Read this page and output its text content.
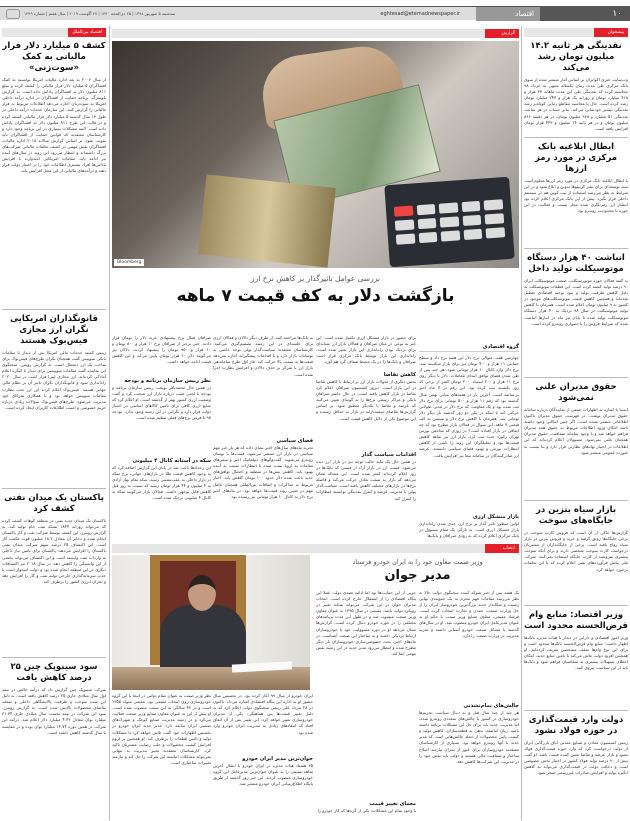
۱۰
اقتصاد
eghtesad@etemadnewspaper.ir
سه‌شنبه ۵ شهریور ۱۳۹۸ | ۲۵ ذی‌الحجه ۱۴۴۰ | ۲۷ آگوست ۲۰۱۹ | سال هفتم | شماره ۱۴۴۹
اقتصاد بین‌الملل
کشف ۵ میلیارد دلار فرار مالیاتی به کمک «سوت‌زنی»
از سال ۲۰۰۶ به بعد اداره مالیات امریکا توانسته به کمک افشاگران ۵ میلیارد دلار فرار مالیاتی را کشف کرده و مبلغ ۸۱۱ میلیون دلار به افشاگران پاداش داده است. به گزارش بلومبرگ، برنامه حمایت از افشاگران در اداره درآمد داخلی امریکا به سوت‌زنان اجازه می‌دهد اطلاعات مربوط به فرار مالیاتی را گزارش کنند. این سازمان خدمات درآمد داخلی در طول ۱۳ سال گذشته ۵ میلیارد دلار فرار مالیاتی کشف کرده و در قالب این طرح ۸۱۱ میلیون دلار به افشاگران پاداش داده است. البته مشکلات بسیاری در این برنامه وجود دارد و کارشناسان معتقدند که قوانین حمایت از افشاگران باید تقویت شود. بر اساس گزارش سالانه ۲۰۱۸ اداره مالیات، افشاگران نقش مهمی در کشف تخلفات مالیاتی شرکت‌های بزرگ داشته‌اند و انتظار می‌رود این روند در سال‌های آینده نیز ادامه یابد. مقامات امریکایی امیدوارند با افزایش پاداش‌ها افراد بیشتری اطلاعات خود را در اختیار دولت قرار دهند و درآمدهای مالیاتی از این محل افزایش یابد.
قانونگذاران امریکایی نگران ارز مجازی فیس‌بوک هستند
رییس کمیته خدمات مالی امریکا پس از دیدار با مقامات بانکی سوییس گفت همچنان نگران طرح‌های فیس‌بوک برای ساخت یک ارز دیجیتال است. به گزارش رویترز، سخنگوی این نماینده گفت مقامات سوییسی برای دیدار با کنگره اعلام آمادگی کرده‌اند. ارز مجازی لیبرا قرار است در سال ۲۰۲۰ راه‌اندازی شود و قانونگذاران نگران تاثیر آن بر نظام مالی جهانی هستند. فیس‌بوک اعلام کرده این ارز تحت نظارت مقامات سوییس خواهد بود و با همکاری شرکای خود مدیریت می‌شود. طرح‌های فیس‌بوک سوالات زیادی درباره حریم خصوصی و امنیت اطلاعات کاربران ایجاد کرده است.
پاکستان یک میدان نفتی کشف کرد
پاکستان یک میدان جدید نفتی در منطقه کوهات کشف کرده که می‌تواند روزانه ۱۸۴۴ بشکه نفت خام تولید کند. به گزارش رویترز، این کشف توسط شرکت نفت و گاز پاکستان انجام شده و ذخایر آن معادل ۱۸.۲ میلیون فوت مکعب گاز است. این اکتشاف ۲۵ درصد سهم شرکت میدان نفتی پاکستان را افزایش می‌دهد. پاکستان برای تامین نیاز داخلی به واردات نفت وابسته است و این اکتشاف می‌تواند بخشی از این وابستگی را کاهش دهد. در سال ۲۰۱۸ نیز اکتشافات دیگری در این منطقه انجام شده بود و دولت امیدوار است با جذب سرمایه‌گذاری خارجی تولید نفت و گاز را افزایش دهد و بحران انرژی کشور را برطرف کند.
سود سینوپک چین ۲۵ درصد کاهش یافت
شرکت سینوپک چین گزارش داد که درآمد خالص در نیمه اول سال میلادی جاری ۲۵ درصد کاهش یافته است. به دلیل این شده سوخت و ظرفیت پالایشگاهی داخلی و ضعف تقاضای محصولات پالایش شده است. به گزارش رویترز، سود این شرکت در نیمه نخست سال میلادی جاری ۳۱.۳۴ میلیارد یوان معادل ۴.۴۲ میلیارد دلار اعلام شد. درآمد این شرکت در همین دوره ۱۴.۷۴ میلیارد یوان بوده و در مقایسه با سال گذشته کاهش داشته است.
پیشخوان
نقدینگی هر ثانیه ۱۴.۲ میلیون تومان رشد می‌کند
وب‌سایت خبری اکوایران بر اساس آمار منتشر شده از سوی بانک مرکزی طی مدت زمان یکساله منتهی به خرداد ۹۸ محاسبه کرده که نقدینگی طی این مدت ماهانه ۳۷ هزار و ۴۱۸ میلیارد تومان و روزانه یک هزار و ۲۴۷ میلیارد تومان رشد کرده است. حال با محاسبه مقاطع زمانی کوتاه‌تر رشد نقدینگی بیشتر خودنمایی می‌کند. بنابر حساب در هر ساعت نقدینگی ۵۱ میلیارد و ۹۶۸ میلیون تومان، در هر دقیقه ۸۶۶ میلیون تومان و در هر ثانیه ۱۴ میلیون و ۴۴۳ هزار تومان افزایش یافته است.
ابطال ابلاغیه بانک مرکزی در مورد رمز ارزها
با ابطال ابلاغیه بانک مرکزی در مورد رمز ارزها معلوم است سند توسعه‌ای برای نشر کریپتوها تدوین و ابلاغ شود و در این شرایط به نظر می‌رسد استفاده از بیت کوین هم در سیستم داخلی قرار بگیرد. پیش از این بانک مرکزی اعلام کرده بود انتشار ارز رمزنگاری شده مجاز نیست و فعالیت در این حوزه با محدودیت روبه‌رو بود.
انباشت ۴۰ هزار دستگاه موتوسیکلت تولید داخل
به گفته فعالان حوزه موتورسیکلت، صنعت موتوسیکلت ایران ۹۰ درصد تولید کشته کرده است. این قطعات موتوسیکلت به دلیل کاهش ظرفیت تولید و نبود توجیه اقتصادی تعطیل شده‌اند و همچنین کاهش قیمت موتوسیکلت‌های موجود در کشور به ۹ میلیون تومان اعلام شده است. همزمان با کاهش تولید موتوسیکلت در سال ۹۸ نزدیک به ۴۰ هزار دستگاه موتوسیکلت تولید شده تا پایان تیر ماه در انبارها انباشت شده که شرایط فروش را با دشواری روبه‌رو کرده است.
حقوق مدیران علنی نمی‌شود
ایسنا با اشاره به اظهارات جمعی از نمایندگان درباره سامانه حقوق مدیران نوشت: در فهرست حقوق مدیران تاکنون اطلاعاتی منتشر نشده است. اگر چنین امکانی وجود داشته باشد امکان ورود اطلاعات مربوط به حقوق همه مدیران فراهم خواهد شد و با وجود سامانه شفافیت، حقوق مدیران همچنان علنی نمی‌شود. مسوولان اعلام کرده‌اند که این اطلاعات در اختیار نهادهای نظارتی قرار دارد و بنا نیست به صورت عمومی منتشر شود.
بازار سیاه بنزین در جایگاه‌های سوخت
گزارش‌ها حاکی از آن است که فروش کارت سوخت در برخی جایگاه‌ها رونق گرفته و خرید و فروش بنزین در بازار سیاه رواج یافته است. برخی از جایگاه‌داران از مشتریان درخواست کارت سوخت شخصی دارند و برای آنکه سوخت بیشتری بفروشند از کارت جایگاه استفاده نمی‌کنند. شرکت ملی پخش فرآورده‌های نفتی اعلام کرده که با این تخلفات برخورد خواهد کرد.
وزیر اقتصاد: منابع وام قرض‌الحسنه محدود است
وزیر امور اقتصادی و دارایی در دیدار با هیات مدیره بانک‌ها اظهار داشت: منابع وام قرض‌الحسنه بانک‌ها محدود است و برای این نوع وام‌ها سقف مشخصی تعریف کرده‌ایم. او همچنین افزود دولت تلاش می‌کند با تامین منابع جدید، امکان اعطای تسهیلات بیشتری به متقاضیان فراهم شود و بانک‌ها باید از این سیاست پیروی کنند.
دولت وارد قیمت‌گذاری در حوزه فولاد نشود
رییس کمیسیون معادن و صنایع معدنی اتاق بازرگانی ایران از دولت درخواست کرد که وارد حوزه قیمت‌گذاری فولاد نشود و بازار عرضه و تقاضا تعیین کننده قیمت باشد. او گفت بیش از ۹۰ درصد تولید فولاد کشور در اختیار بخش خصوصی است و دخالت دولت در قیمت‌گذاری می‌تواند به کاهش انگیزه تولید و افزایش صادرات غیررسمی منجر شود.
گزارش
Bloomberg
بررسی عوامل تاثیرگذار بر کاهش نرخ ارز
بازگشت دلار به کف قیمت ۷ ماهه
گروه اقتصادی
چهارمین هفت متوالی نرخ دلار این هفته نرخ داد و سطح حمایتی ۱۱ هزار و ۴۰۰ تومان نیز برای بازار شکسته شد. نرخ دلار وارد کانال ۱۰ هزار تومانی شود. هر چند پس از طی شدن فضای توافق ابتدای معاملات، دلار با دیگر روی نرخ ۱۱ هزار و ۲۰۰ ایستاد. ۳۰۰ تومان کمتر از نرخی که روز یکشنبه ثبت کرده بود. این رقم در ۷ ماه اخیر بی‌سابقه است. آخرین بار در هفته‌های میانی بهمن سال گذشته بود که رقم ۱۱ هزار و ۵۰۰ تومانی برای نرخ دلار ثبت شده بود و یک مقاومت که نرخ دلار در مدتی طولانی حرکتی کند تا اینکه در یکی دو روز گذشته بار دیگر دلار تومانی شد. همزمان با کاهش نرخ دلار و سیمین به کف قیمتی ۷ ماهه، این سوال در فعالان بازار مطرح بود که چه اتفاقی در بازار افتاده است؟ در روزی که شاخص بورس تهران رکورد جدید ثبت کرد، بازار ارز نیز شاهد کاهش قیمت‌ها بود و تحلیلگران این روند را ناشی از کاهش انتظارات تورمی و بهبود فضای سیاسی دانستند. عرضه ارز صادرکنندگان در سامانه نیما نیز افزایش یافت.
بازار متشکل ارزی
اولین منظور تاثیر گذار بر نرخ ارز، جدی شدن راه‌اندازی بازار متشکل ارزی است. به تازگی یک مقام مسوول در بانک مرکزی اعلام کرده که به زودی صرافان و بانک‌ها
برای حضور در بازار متشکل ارزی تکمیل شده است. این خبر به نوعی در میان صرافان و فعالان بازار ارز نشانه‌ای برای نزدیک بودن راه‌اندازی این بازار تعبیر شده است. راه‌اندازی این بازار توسط بانک مرکزی قرار است صرافان و بانک‌ها را در یک محیط شفاف گرد هم آورد.
کاهش تقاضا
بخش دیگری از تحولات بازار ارز بر ارتباط با کاهش تقاضا در این بازار است. دیروز کمیسیون صرافان اعلام کرد تقاضا در بازار کاهش یافته است. در حال حاضر صرافان بانکی و مراکز رسمی نرخ‌ها را به گونه‌ای تعیین می‌کنند که عرضه و تقاضا با یکدیگر منطبق شود. بر اساس گزارش‌ها تقاضای سفته‌بازانه در بازار به حداقل رسیده و این موضوع یکی از دلایل کاهش قیمت است.
اقدامات سیاست گذار
در همین حال یک نکته جالب توجه نیز در بازار ارز دیده می‌شود. قیمت ارز در بازار آزاد از قیمتی که بانک‌ها در روز اعلام کرده‌اند کمتر شده است. این مساله نشان می‌دهد که بازار به سمت تعادل حرکت می‌کند و فاصله نرخ‌ها در بازارهای مختلف کاهش یافته است. سیاست‌گذار پولی با مدیریت عرضه و کنترل نقدینگی توانسته انتظارات را کنترل کند.
به بانک‌ها مراجعه کنند. از طرف دیگر دلالان و فعالان ارزی برای جلسه‌ای در این زمینه تصمیم‌گیری می‌کنند. کارشناسان معتقدند سیاست‌گذار پولی توجه خاصی به نوسانات بازار دارد و با اقدامات پیشگیرانه اجازه نمی‌دهد قیمت‌ها به سمت بالا حرکت کند. فاز اول طرح ساماندهی بازار ارز با تمرکز بر حذف دلالان و افزایش نظارت اجرا شده است.
فضای سیاسی
تجربه ماه‌های سال‌های اخیر نشان داده که هر بار خبر مهم سیاسی در بازار ارز منتشر می‌شود، قیمت‌ها با نوسان روبه‌رو می‌شوند. گفت‌وگوهای دیپلماتیک اخیر و سفرهای مقامات به اروپا سبب شده تا انتظارات نسبت به آینده بهبود یابد. کاهش تنش‌ها در منطقه و احتمال توافق‌های جدید باعث شده دلار حدود ۱۰۰ تومان کاهش یابد. اخبار مربوط به مذاکرات و اتفاقات بین‌المللی همچنان عامل مهم در تعیین روند قیمت‌ها خواهد بود. در ماه‌های اخیر نرخ دلار به کانال ۱۰ هزار تومانی نیز رسیده بود.
صرافان فعال نرخ پیشنهادی خرید دلار را تومان قرار دادند. حتی برخی از صرافان نرخ ۱۰ هزار و ۸۰۰ تومان و ۱۰ هزار و ۹۵۰ تومان را پیشنهاد کردند. دلالان نیز می‌گویند دلار ۱۰ هزار تومان پایین می‌آید و این کاهش قیمت ادامه خواهد داشت.
نظر رییس سازمان برنامه و بودجه
در همین حال محمدباقر نوبخت رییس سازمان برنامه و بودجه با لحنی مثبت درباره بازار ارز صحبت کرد و گفت وضعیت ارزی کشور بهتر از گذشته است. او اعلام کرد که منابع ارزی کافی برای تامین کالاهای اساسی در اختیار دولت قرار دارد و نگرانی در این زمینه وجود ندارد. بودجه ۹۸ با فرض نرخ‌های فعلی تنظیم شده است.
سکه در آستانه کانال ۴ میلیونی
این رخدادها باعث شد در پایان این گزارش اضافه کرد که به وجود کاهش قیمت طلا در بازارهای جهانی، نرخ سکه در بازار داخلی به عقب‌نشینی رسید. سکه تمام بهار آزادی به ۴ میلیون و ۴۴ هزار تومان رسید که نسبت به روز قبل کاهش قابل توجهی داشت. فعالان بازار می‌گویند سکه به کانال ۴ میلیونی نزدیک شده است.
انتخاب
وزیر صمت معاون خود را به ایران خودرو فرستاد
مدیر جوان
یک هفته پس از خبر شوکه کننده سخنگوی دولت حالا به نظر می‌رسد مقامات فهم مجرم به یک جمع‌بندی نهایی رسیده و سکاندار جدید بزرگ‌ترین خودروساز ایران را از حل وزارت صنعت، معدن و تجارت انتخاب کرده است. فرشاد مقیمی، معاون صنایع وزیر صمت با حکم او به عنوان مدیرعامل ایران خودرو منصوب شد. او در سال‌های گذشته با مسائل صنعت خودرو آشنایی داشته و تجربه مدیریت در وزارت صنعت را دارد.
چالش‌های تمام‌نشدنی
هر چند از چند سال قبل و به دنبال سیاست تحریم‌ها خودروسازی در کشور با چالش‌های متعددی روبه‌رو شده، اما مدیریت جدید باید برای حل این مشکلات برنامه داشته باشد. زیان انباشته، بدهی به قطعه‌سازان، کاهش تولید و کیفیت پایین محصولات از جمله چالش‌هایی است که مدیر جدید با آنها روبه‌رو خواهد بود. بسیاری از کارشناسان معتقدند خودروسازان برای عبور از بحران نیازمند اصلاح ساختار و شفافیت مالی هستند و دولت باید نقش خود را در مدیریت این شرکت‌ها کاهش دهد.
جزیی از این حمایت‌ها بود اما ادامه تصدی دولت عملا این بنگاه اقتصادی را از استقلال خارج کرده است. انتخاب مدیران جوان در این شرکت می‌تواند نشانه تغییر در رویکرد دولت باشد. مقیمی در سال ۱۳۹۵ به عنوان معاون وزیر صنعت منصوب شد و در طول این مدت برنامه‌های مختلفی را در حوزه خودرو دنبال کرده است. گزارش‌ها نشان می‌دهد او در دوره مسوولیت خود با خودروسازان ارتباط نزدیکی داشته و به ساختار این صنعت آشناست. در ماه‌های اخیر، بحث خصوصی‌سازی خودروسازان بار دیگر مطرح شده و انتظار می‌رود مدیر جدید در این زمینه نقش مهمی ایفا کند.
معمای تغییر قیمت
با وجود تمام این مشکلات، یکی از گره‌ها که کار خودرو را
ایران خودرو از سال ۹۹ آغاز کرده بود. در نخستین سال حضور او به اداره این بنگاه اقتصادی اشاره می‌داد. تاکنون در ۲۸ مرداد علی ربیعی سخنگوی دولت اعلام کرد که به دلیل تغییر قیمت‌ها بین هماهنگی، یکی از مدیران خودروسازی تغییر خواهد کرد. این تغییر پس از آن اتفاق افتاد که انتقادهای زیادی به مدیریت ایران خودرو وارد شده بود.
جوان‌ترین مدیر ایران خودرو
۳۵ هشتاد هیات مدیره در ایران خودرو با انتقال آخرین شاهد مقیمی را به عنوان جوان‌ترین مدیرعامل این گروه خودروسازی منصوب کردند. این خبر روز گذشته از طریق پایگاه اطلاع‌رسانی ایران خودرو منتشر شد.
نظر وزیر صمت به عنوان مقام دولتی در اینجا با این گروه خودروسازی روی انتخاب مقیمی بود. مقیمی متولد ۱۳۵۵ است و در ۴۳ سالگی به این سمت منصوب شده است. او پیش از این به عنوان معاون صنایع وزیر صنعت فعالیت می‌کرد و در زمینه مدیریت صنایع کوچک و شهرک‌های صنعتی ایران سابقه دارد. مدیر جدید ایران خودرو در نخستین اظهارات خود گفت تلاش خواهد کرد تا مشکلات تولید و تامین قطعات را برطرف کند. او همچنین بر لزوم افزایش کیفیت محصولات و جلب رضایت مشتریان تاکید کرد. کارشناسان معتقدند تغییر مدیریت به تنهایی نمی‌تواند مشکلات انباشته این شرکت را حل کند و نیازمند تغییرات ساختاری است.
